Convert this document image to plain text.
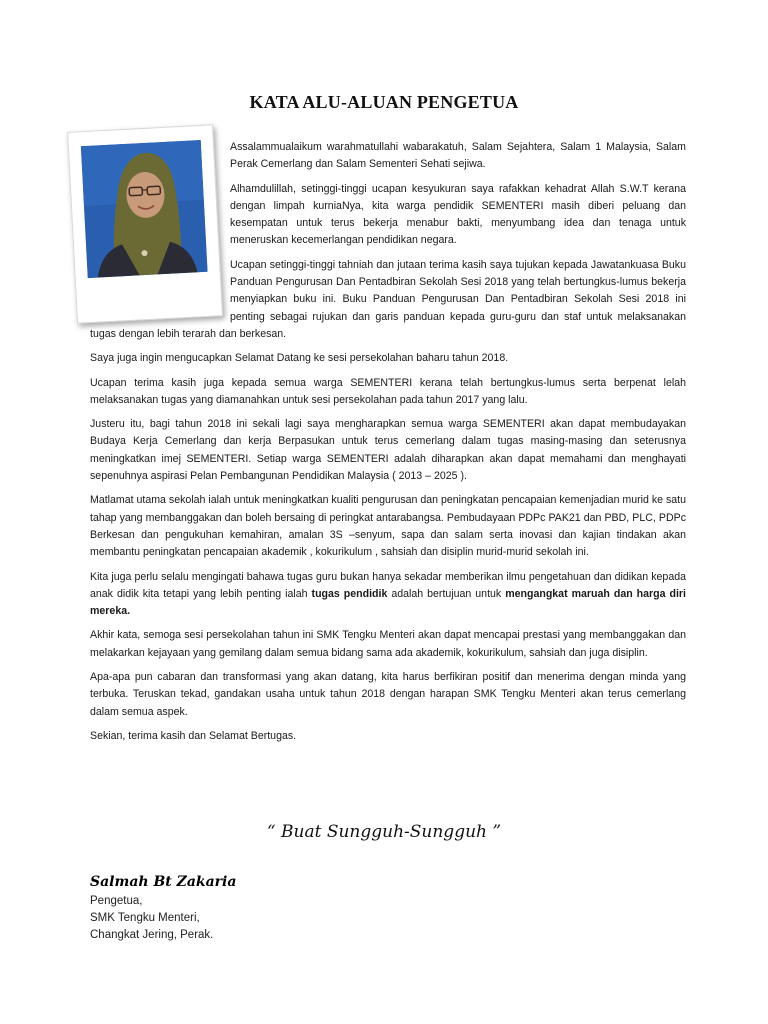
KATA ALU-ALUAN PENGETUA

Assalammualaikum warahmatullahi wabarakatuh, Salam Sejahtera, Salam 1 Malaysia, Salam Perak Cemerlang dan Salam Sementeri Sehati sejiwa.

Alhamdulillah, setinggi-tinggi ucapan kesyukuran saya rafakkan kehadrat Allah S.W.T kerana dengan limpah kurniaNya, kita warga pendidik SEMENTERI masih diberi peluang dan kesempatan untuk terus bekerja menabur bakti, menyumbang idea dan tenaga untuk meneruskan kecemerlangan pendidikan negara.

Ucapan setinggi-tinggi tahniah dan jutaan terima kasih saya tujukan kepada Jawatankuasa Buku Panduan Pengurusan Dan Pentadbiran Sekolah Sesi 2018 yang telah bertungkus-lumus bekerja menyiapkan buku ini. Buku Panduan Pengurusan Dan Pentadbiran Sekolah Sesi 2018 ini penting sebagai rujukan dan garis panduan kepada guru-guru dan staf untuk melaksanakan tugas dengan lebih terarah dan berkesan.

Saya juga ingin mengucapkan Selamat Datang ke sesi persekolahan baharu tahun 2018.

Ucapan terima kasih juga kepada semua warga SEMENTERI kerana telah bertungkus-lumus serta berpenat lelah melaksanakan tugas yang diamanahkan untuk sesi persekolahan pada tahun 2017 yang lalu.

Justeru itu, bagi tahun 2018 ini sekali lagi saya mengharapkan semua warga SEMENTERI akan dapat membudayakan Budaya Kerja Cemerlang dan kerja Berpasukan untuk terus cemerlang dalam tugas masing-masing dan seterusnya meningkatkan imej SEMENTERI. Setiap warga SEMENTERI adalah diharapkan akan dapat memahami dan menghayati sepenuhnya aspirasi Pelan Pembangunan Pendidikan Malaysia ( 2013 – 2025 ).

Matlamat utama sekolah ialah untuk meningkatkan kualiti pengurusan dan peningkatan pencapaian kemenjadian murid ke satu tahap yang membanggakan dan boleh bersaing di peringkat antarabangsa. Pembudayaan PDPc PAK21 dan PBD, PLC, PDPc Berkesan dan pengukuhan kemahiran, amalan 3S –senyum, sapa dan salam serta inovasi dan kajian tindakan akan membantu peningkatan pencapaian akademik , kokurikulum , sahsiah dan disiplin murid-murid sekolah ini.

Kita juga perlu selalu mengingati bahawa tugas guru bukan hanya sekadar memberikan ilmu pengetahuan dan didikan kepada anak didik kita tetapi yang lebih penting ialah tugas pendidik adalah bertujuan untuk mengangkat maruah dan harga diri mereka.

Akhir kata, semoga sesi persekolahan tahun ini SMK Tengku Menteri akan dapat mencapai prestasi yang membanggakan dan melakarkan kejayaan yang gemilang dalam semua bidang sama ada akademik, kokurikulum, sahsiah dan juga disiplin.

Apa-apa pun cabaran dan transformasi yang akan datang, kita harus berfikiran positif dan menerima dengan minda yang terbuka. Teruskan tekad, gandakan usaha untuk tahun 2018 dengan harapan SMK Tengku Menteri akan terus cemerlang dalam semua aspek.

Sekian, terima kasih dan Selamat Bertugas.

“ Buat Sungguh-Sungguh ”
Salmah Bt Zakaria
Pengetua,
SMK Tengku Menteri,
Changkat Jering, Perak.
